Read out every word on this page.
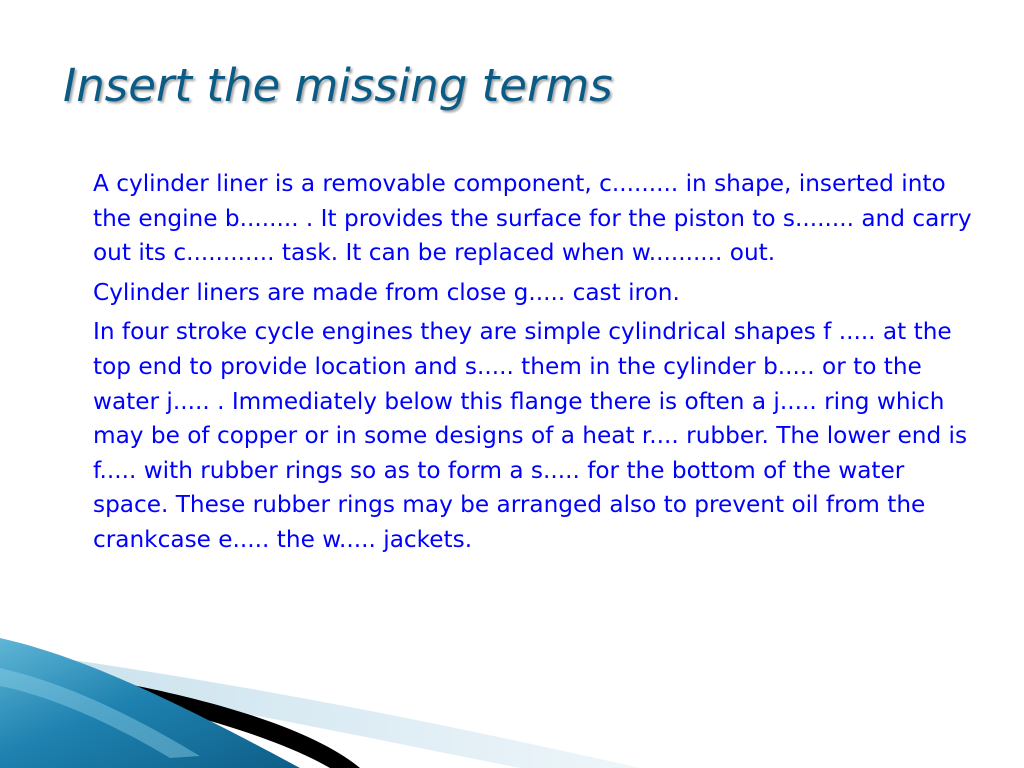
Insert the missing terms

A cylinder liner is a removable component, c......... in shape, inserted into the engine b........ . It provides the surface for the piston to s........ and carry out its c............ task. It can be replaced when w.......... out.

Cylinder liners are made from close g..... cast iron.

In four stroke cycle engines they are simple cylindrical shapes f ..... at the top end to provide location and s..... them in the cylinder b..... or to the water j..... . Immediately below this flange there is often a j..... ring which may be of copper or in some designs of a heat r.... rubber. The lower end is f..... with rubber rings so as to form a s..... for the bottom of the water space. These rubber rings may be arranged also to prevent oil from the crankcase e..... the w..... jackets.
